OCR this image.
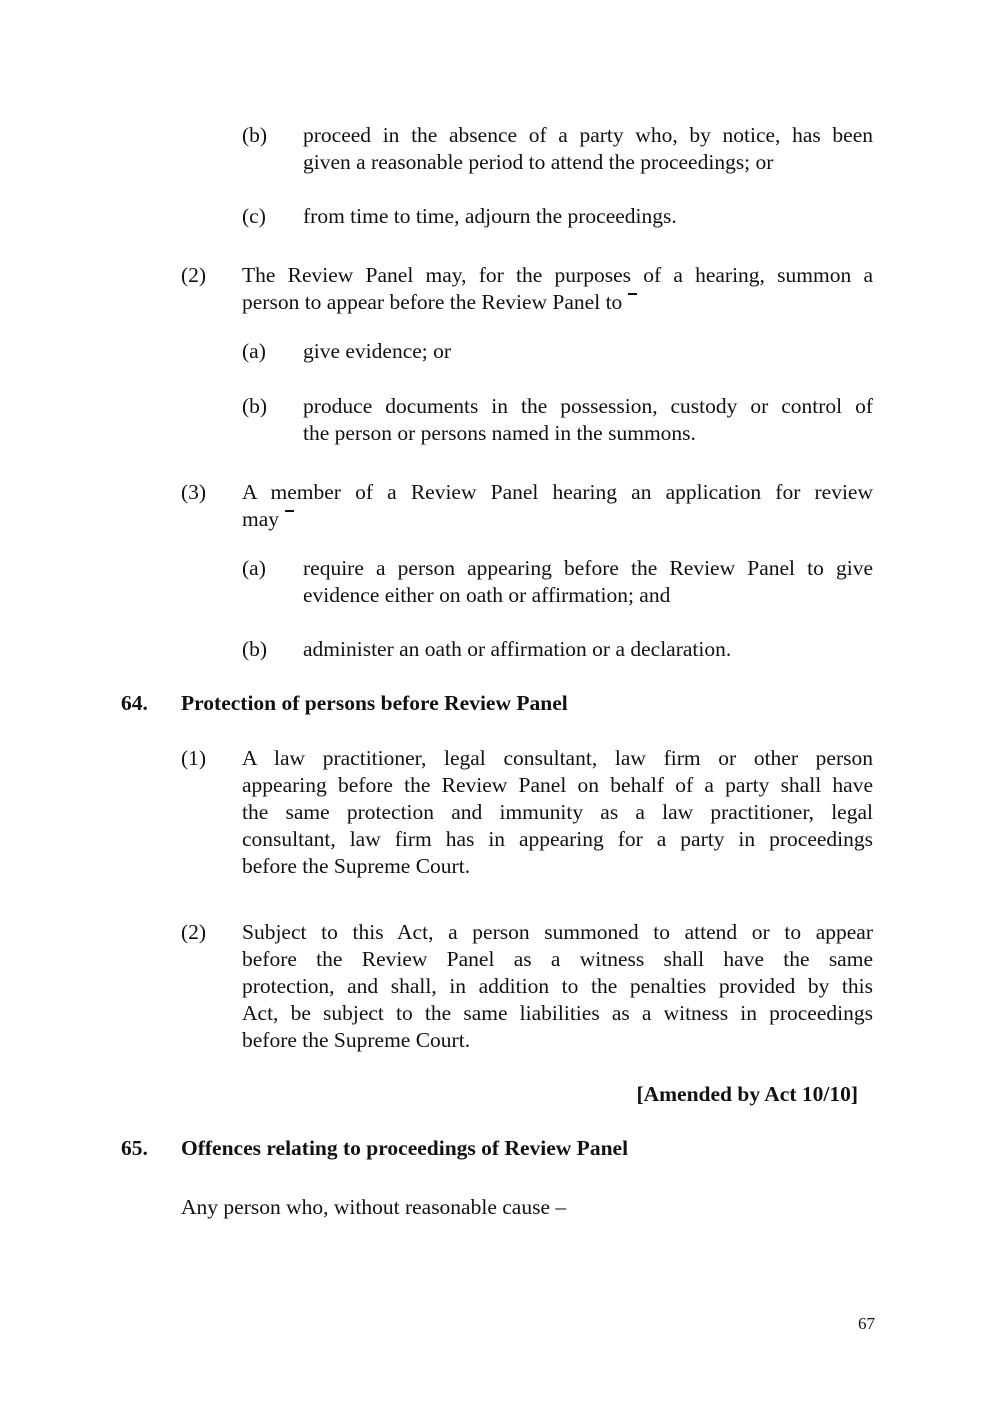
(b) proceed in the absence of a party who, by notice, has been
given a reasonable period to attend the proceedings; or
(c) from time to time, adjourn the proceedings.
(2) The Review Panel may, for the purposes of a hearing, summon a
person to appear before the Review Panel to
(a) give evidence; or
(b) produce documents in the possession, custody or control of
the person or persons named in the summons.
(3) A member of a Review Panel hearing an application for review
may
(a) require a person appearing before the Review Panel to give
evidence either on oath or affirmation; and
(b) administer an oath or affirmation or a declaration.
64. Protection of persons before Review Panel
(1) A law practitioner, legal consultant, law firm or other person
appearing before the Review Panel on behalf of a party shall have
the same protection and immunity as a law practitioner, legal
consultant, law firm has in appearing for a party in proceedings
before the Supreme Court.
(2) Subject to this Act, a person summoned to attend or to appear
before the Review Panel as a witness shall have the same
protection, and shall, in addition to the penalties provided by this
Act, be subject to the same liabilities as a witness in proceedings
before the Supreme Court.
[Amended by Act 10/10]
65. Offences relating to proceedings of Review Panel
Any person who, without reasonable cause –
67
